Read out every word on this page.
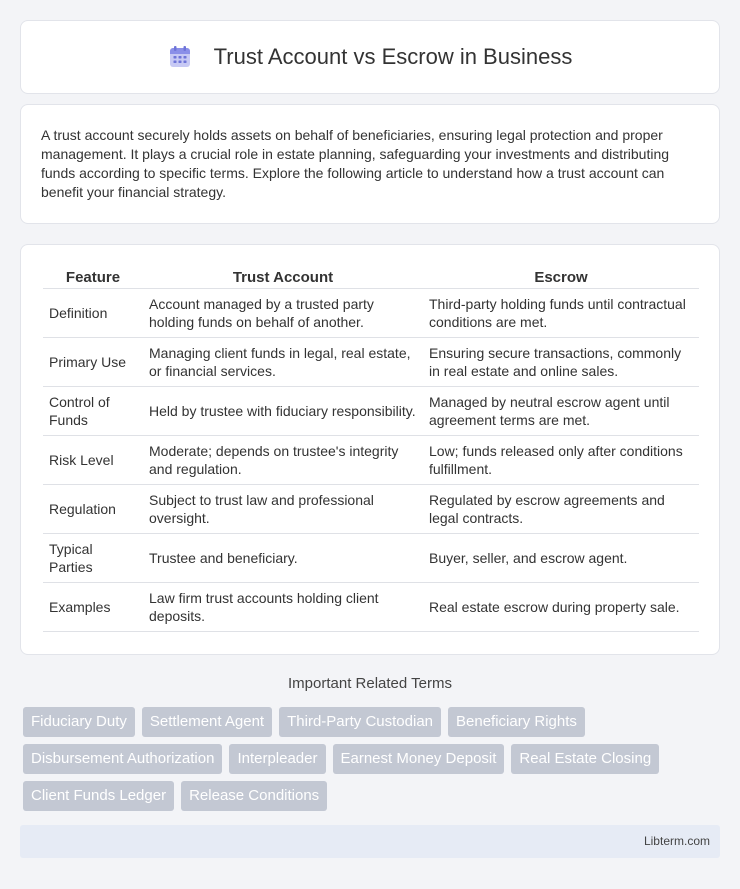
Trust Account vs Escrow in Business

A trust account securely holds assets on behalf of beneficiaries, ensuring legal protection and proper management. It plays a crucial role in estate planning, safeguarding your investments and distributing funds according to specific terms. Explore the following article to understand how a trust account can benefit your financial strategy.

Feature	Trust Account	Escrow
Definition	Account managed by a trusted party holding funds on behalf of another.	Third-party holding funds until contractual conditions are met.
Primary Use	Managing client funds in legal, real estate, or financial services.	Ensuring secure transactions, commonly in real estate and online sales.
Control of Funds	Held by trustee with fiduciary responsibility.	Managed by neutral escrow agent until agreement terms are met.
Risk Level	Moderate; depends on trustee's integrity and regulation.	Low; funds released only after conditions fulfillment.
Regulation	Subject to trust law and professional oversight.	Regulated by escrow agreements and legal contracts.
Typical Parties	Trustee and beneficiary.	Buyer, seller, and escrow agent.
Examples	Law firm trust accounts holding client deposits.	Real estate escrow during property sale.
Important Related Terms
Fiduciary Duty	Settlement Agent	Third-Party Custodian	Beneficiary Rights
Disbursement Authorization	Interpleader	Earnest Money Deposit	Real Estate Closing
Client Funds Ledger	Release Conditions
Libterm.com
